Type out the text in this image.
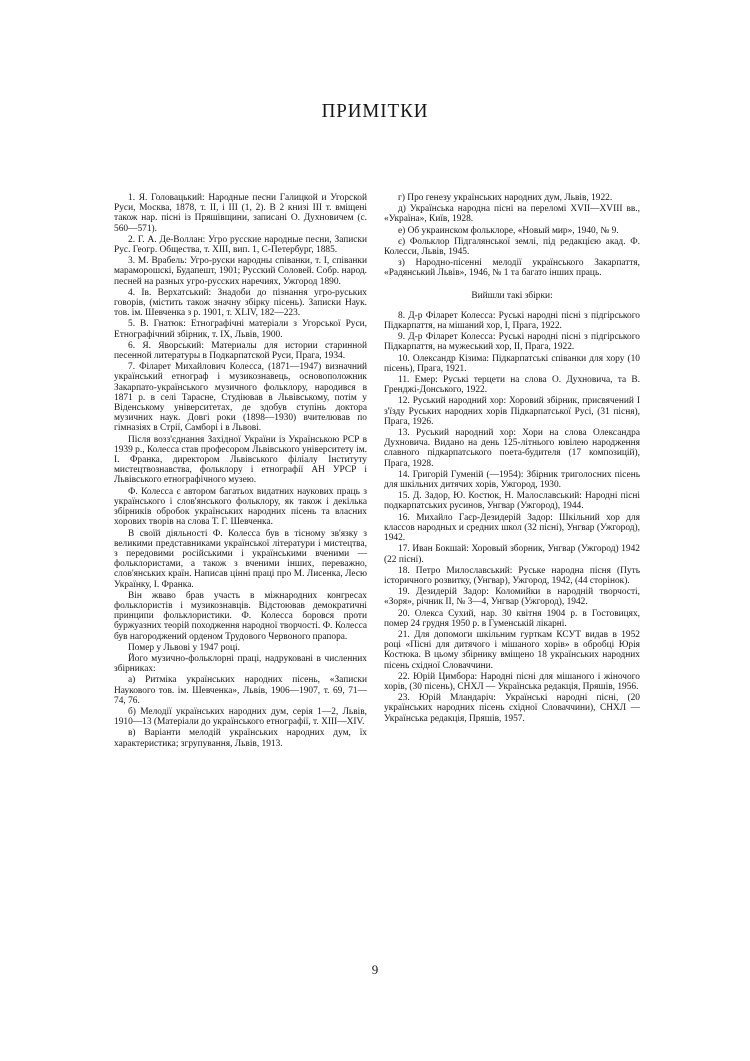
ПРИМІТКИ

1. Я. Головацький: Народные песни Галицкой и Угорской Руси, Москва, 1878, т. ІІ, і ІІІ (1, 2). В 2 книзі ІІІ т. вміщені також нар. пісні із Пряшівщини, записані О. Духновичем (с. 560—571).

2. Г. А. Де-Воллан: Угро русские народные песни, Записки Рус. Геогр. Общества, т. XIII, вип. 1, С-Петербург, 1885.

3. М. Врабель: Угро-руски народны співанки, т. І, співанки мараморошскі, Будапешт, 1901; Русский Соловей. Собр. народ. песней на разных угро-русских наречиях, Ужгород 1890.

4. Ів. Верхатський: Знадоби до пізнання угро-руських говорів, (містить також значну збірку пісень). Записки Наук. тов. ім. Шевченка з р. 1901, т. XLIV, 182—223.

5. В. Гнатюк: Етнографічні матеріали з Угорської Руси, Етнографічний збірник, т. IX, Львів, 1900.

6. Я. Яворський: Материалы для истории старинной песенной литературы в Подкарпатской Руси, Прага, 1934.

7. Філарет Михайлович Колесса, (1871—1947) визначний український етнограф і музикознавець, основоположник Закарпато-українського музичного фольклору, народився в 1871 р. в селі Тарасне, Студіював в Львівському, потім у Віденському університетах, де здобув ступінь доктора музичних наук. Довгі роки (1898—1930) вчителював по гімназіях в Стрії, Самборі і в Львові.

Після возз'єднання Західної України із Українською РСР в 1939 р., Колесса став професором Львівського університету ім. І. Франка, директором Львівського філіалу Інституту мистецтвознавства, фольклору і етнографії АН УРСР і Львівського етнографічного музею.

Ф. Колесса є автором багатьох видатних наукових праць з українського і слов'янського фольклору, як також і декілька збірників обробок українських народних пісень та власних хорових творів на слова Т. Г. Шевченка.

В своїй діяльності Ф. Колесса був в тісному зв'язку з великими представниками української літератури і мистецтва, з передовими російськими і українськими вченими — фольклористами, а також з вченими інших, переважно, слов'янських країн. Написав цінні праці про М. Лисенка, Лесю Українку, І. Франка.

Він жваво брав участь в міжнародних конгресах фольклористів і музикознавців. Відстоював демократичні принципи фольклористики. Ф. Колесса боровся проти буржуазних теорій походження народної творчості. Ф. Колесса був нагороджений орденом Трудового Червоного прапора.

Помер у Львові у 1947 році.

Його музично-фольклорні праці, надруковані в численних збірниках:

а) Ритміка українських народних пісень, «Записки Наукового тов. ім. Шевченка», Львів, 1906—1907, т. 69, 71—74, 76.

б) Мелодії українських народних дум, серія 1—2, Львів, 1910—13 (Матеріали до українського етнографії, т. XIII—XIV.

в) Варіанти мелодій українських народних дум, їх характеристика; згрупування, Львів, 1913.

г) Про генезу українських народних дум, Львів, 1922.

д) Українська народна пісні на переломі XVII—XVIII вв., «Україна», Київ, 1928.

е) Об украинском фольклоре, «Новый мир», 1940, № 9.

є) Фольклор Підгалянської землі, під редакцією акад. Ф. Колесси, Львів, 1945.

з) Народно-пісенні мелодії українського Закарпаття, «Радянський Львів», 1946, № 1 та багато інших праць.

Вийшли такі збірки:

8. Д-р Філарет Колесса: Руські народні пісні з підгірського Підкарпаття, на мішаний хор, І, Прага, 1922.

9. Д-р Філарет Колесса: Руські народні пісні з підгірського Підкарпаття, на мужеський хор, ІІ, Прага, 1922.

10. Олександр Кізима: Підкарпатські співанки для хору (10 пісень), Прага, 1921.

11. Емер: Руські терцети на слова О. Духновича, та В. Гренджі-Донського, 1922.

12. Руський народний хор: Хоровий збірник, присвячений І з'їзду Руських народних хорів Підкарпатської Русі, (31 пісня), Прага, 1926.

13. Руський народний хор: Хори на слова Олександра Духновича. Видано на день 125-літнього ювілею народження славного підкарпатського поета-будителя (17 композицій), Прага, 1928.

14. Григорій Гуменій (—1954): Збірник триголосних пісень для шкільних дитячих хорів, Ужгород, 1930.

15. Д. Задор, Ю. Костюк, Н. Малославський: Народні пісні подкарпатських русинов, Унгвар (Ужгород), 1944.

16. Михайло Гаєр-Дезидерій Задор: Шкільний хор для классов народных и средних школ (32 пісні), Унгвар (Ужгород), 1942.

17. Иван Бокшай: Хоровый зборник, Унгвар (Ужгород) 1942 (22 пісні).

18. Петро Милославський: Руськe народна пісня (Путь історичного розвитку, (Унгвар), Ужгород, 1942, (44 сторінок).

19. Дезидерій Задор: Коломийки в народній творчості, «Зоря», річник ІІ, № 3—4, Унгвар (Ужгород), 1942.

20. Олекса Сухий, нар. 30 квітня 1904 р. в Гостовицях, помер 24 грудня 1950 р. в Гуменській лікарні.

21. Для допомоги шкільним гурткам КСУТ видав в 1952 році «Пісні для дитячого і мішаного хорів» в обробці Юрія Костюка. В цьому збірнику вміщено 18 українських народних пісень східної Словаччини.

22. Юрій Цимбора: Народні пісні для мішаного і жіночого хорів, (30 пісень), СНХЛ — Українська редакція, Пряшів, 1956.

23. Юрій Мландаріч: Українські народні пісні, (20 українських народних пісень східної Словаччини), СНХЛ — Українська редакція, Пряшів, 1957.

9
